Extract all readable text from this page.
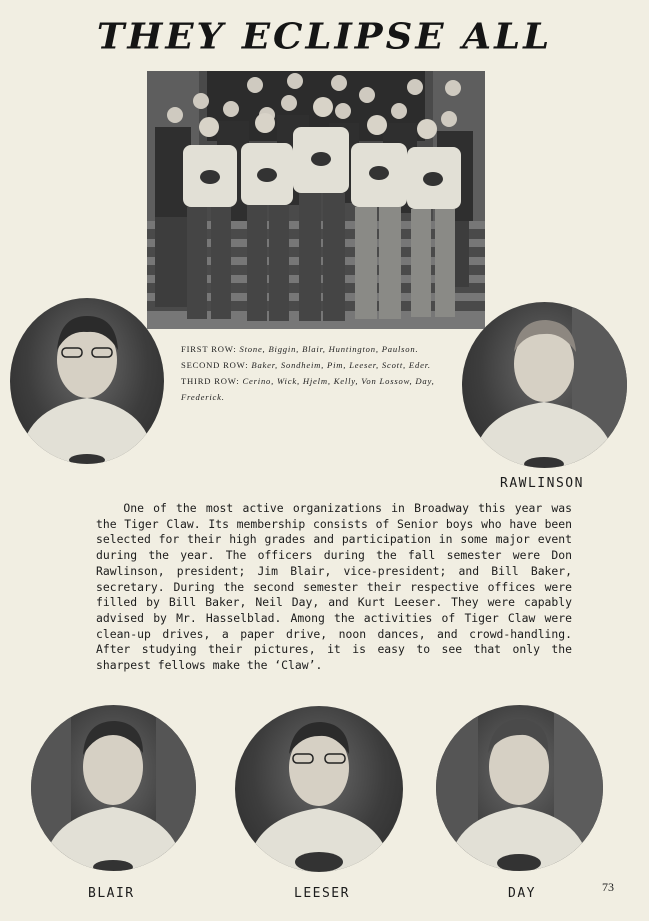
THEY ECLIPSE ALL
FIRST ROW: Stone, Biggin, Blair, Huntington, Paulson. SECOND ROW: Baker, Sondheim, Pim, Leeser, Scott, Eder. THIRD ROW: Cerino, Wick, Hjelm, Kelly, Von Lossow, Day, Frederick.
RAWLINSON

One of the most active organizations in Broadway this year was the Tiger Claw. Its membership consists of Senior boys who have been selected for their high grades and participation in some major event during the year. The officers during the fall semester were Don Rawlinson, president; Jim Blair, vice-president; and Bill Baker, secretary. During the second semester their respective offices were filled by Bill Baker, Neil Day, and Kurt Leeser. They were capably advised by Mr. Hasselblad. Among the activities of Tiger Claw were clean-up drives, a paper drive, noon dances, and crowd-handling. After studying their pictures, it is easy to see that only the sharpest fellows make the ‘Claw’.

BLAIR	LEESER	DAY	73
